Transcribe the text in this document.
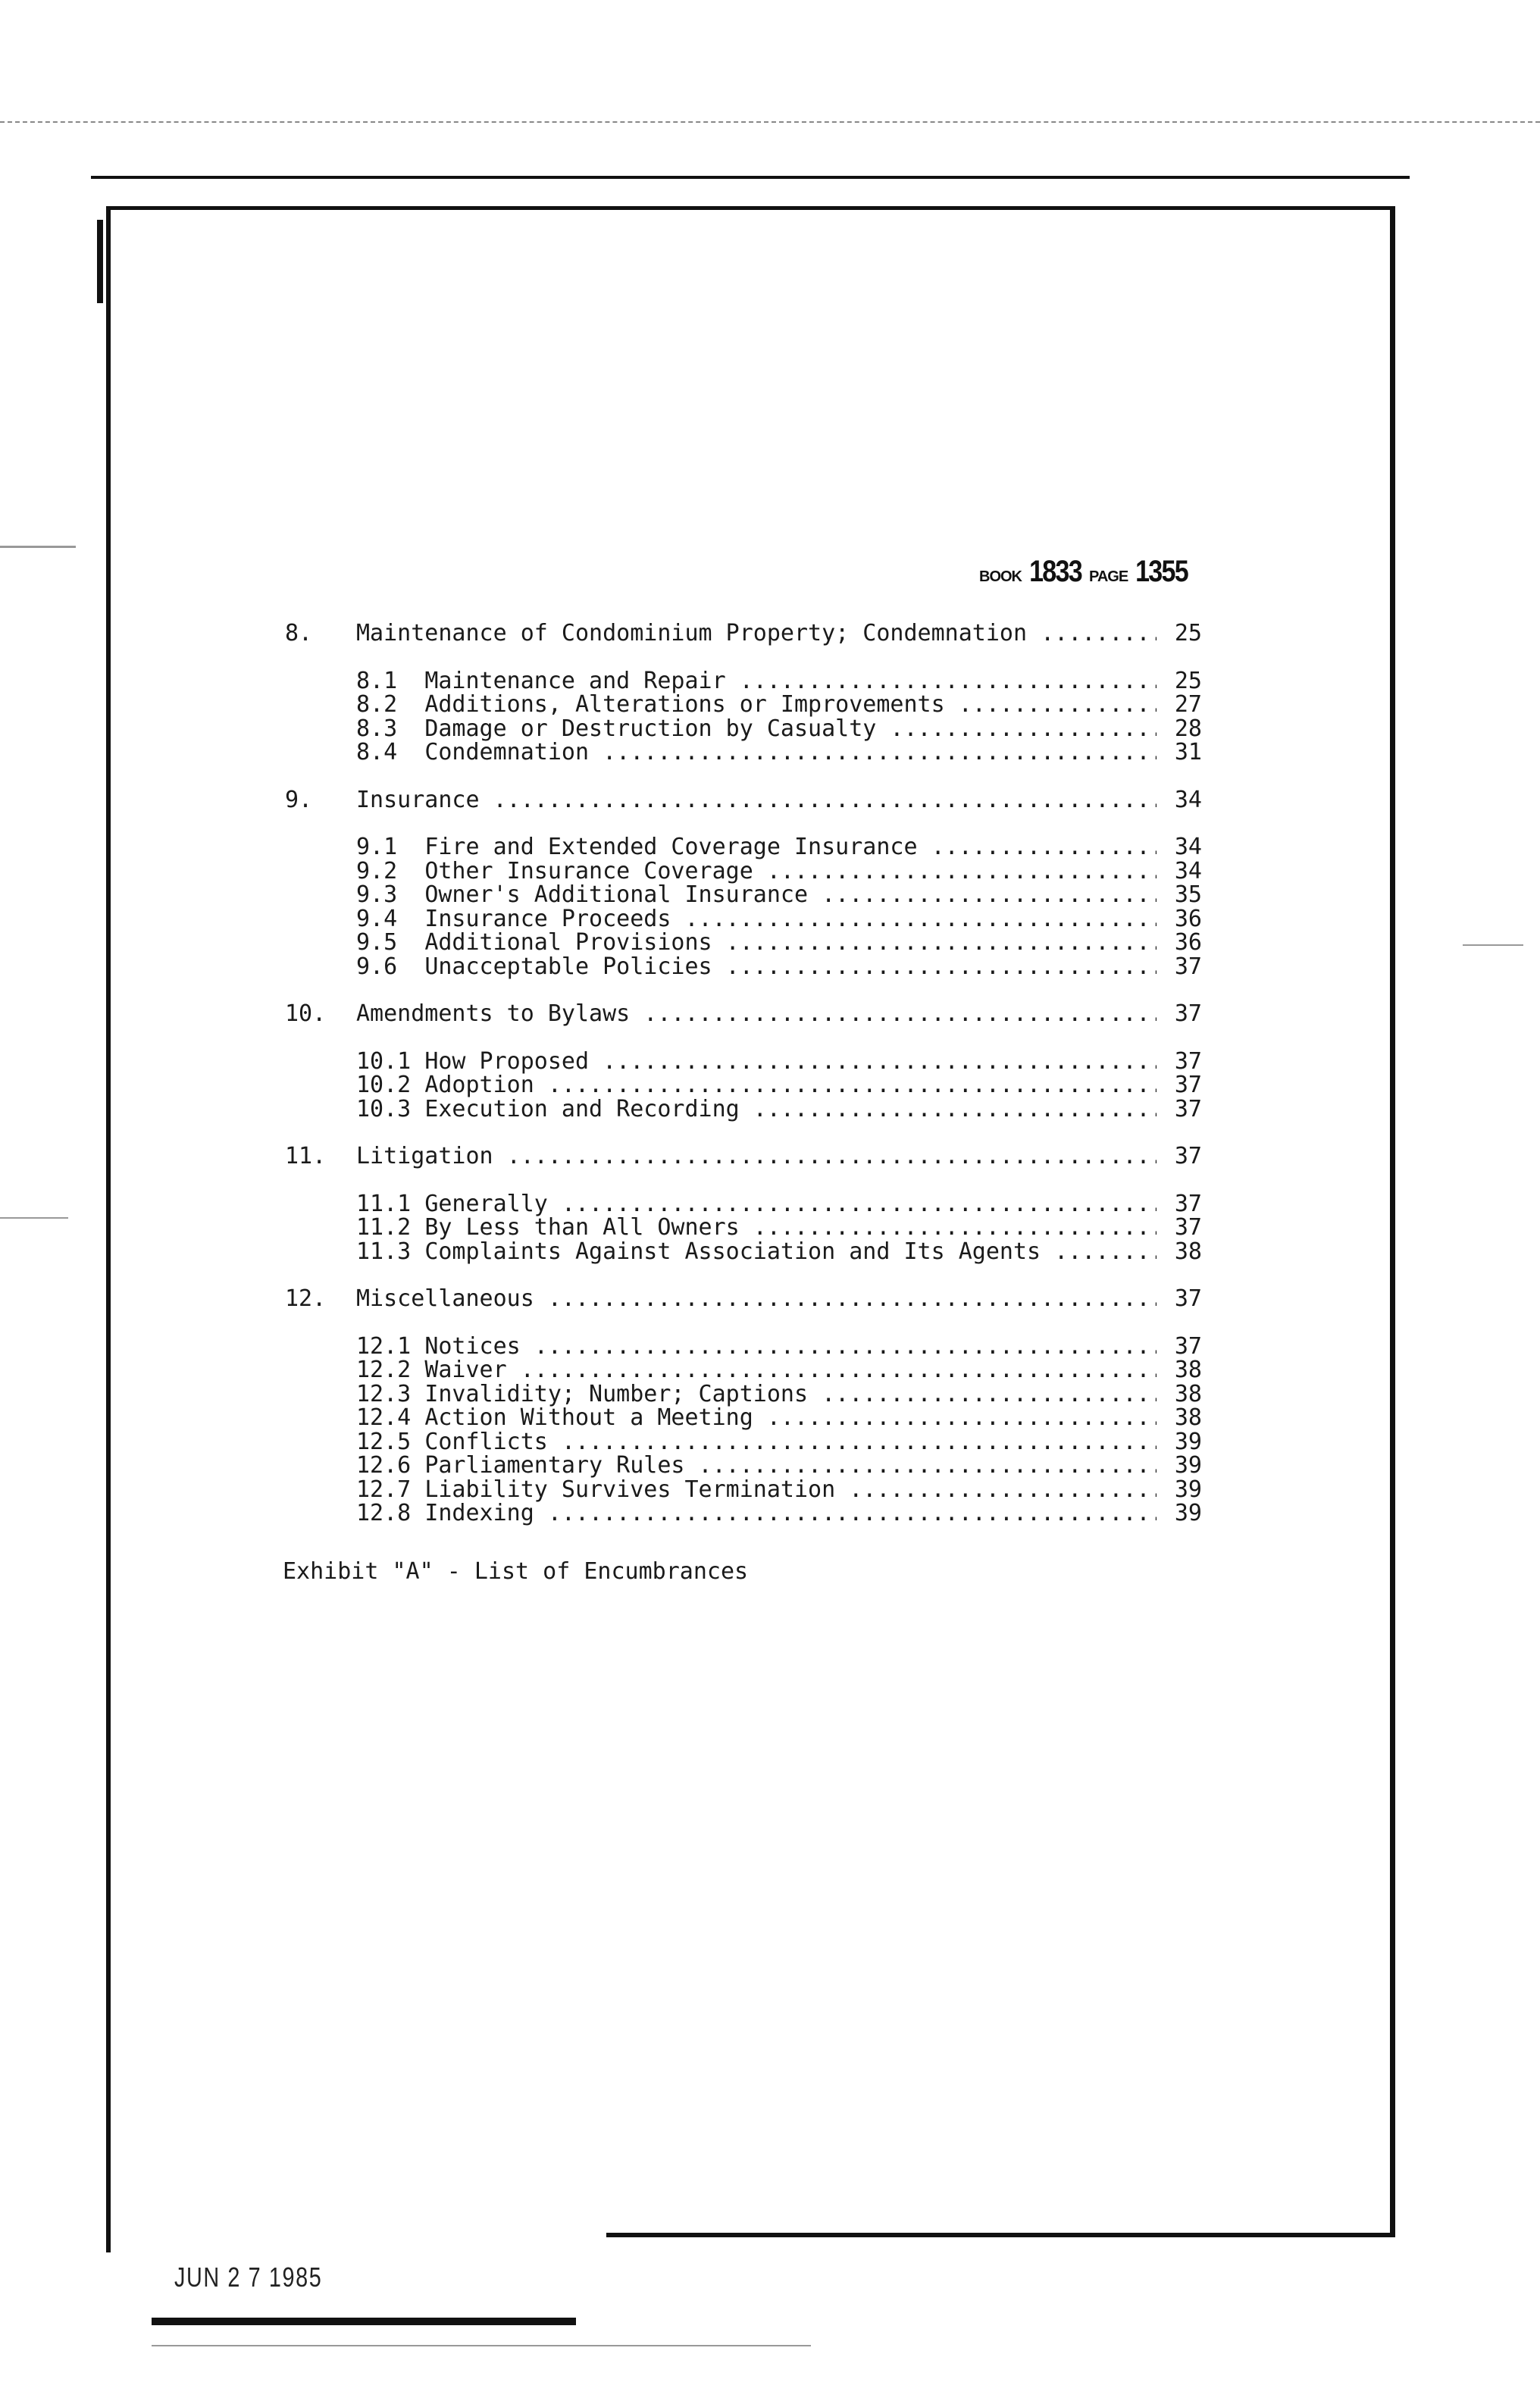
BOOK 1833 PAGE 1355
8.	Maintenance of Condominium Property; Condemnation .....	25
8.1 Maintenance and Repair .....	25
8.2 Additions, Alterations or Improvements .....	27
8.3 Damage or Destruction by Casualty .....	28
8.4 Condemnation .....	31
9.	Insurance .....	34
9.1 Fire and Extended Coverage Insurance .....	34
9.2 Other Insurance Coverage .....	34
9.3 Owner's Additional Insurance .....	35
9.4 Insurance Proceeds .....	36
9.5 Additional Provisions .....	36
9.6 Unacceptable Policies .....	37
10.	Amendments to Bylaws .....	37
10.1 How Proposed .....	37
10.2 Adoption .....	37
10.3 Execution and Recording .....	37
11.	Litigation .....	37
11.1 Generally .....	37
11.2 By Less than All Owners .....	37
11.3 Complaints Against Association and Its Agents .....	38
12.	Miscellaneous .....	37
12.1 Notices .....	37
12.2 Waiver .....	38
12.3 Invalidity; Number; Captions .....	38
12.4 Action Without a Meeting .....	38
12.5 Conflicts .....	39
12.6 Parliamentary Rules .....	39
12.7 Liability Survives Termination .....	39
12.8 Indexing .....	39
Exhibit "A" - List of Encumbrances
JUN 2 7 1985
